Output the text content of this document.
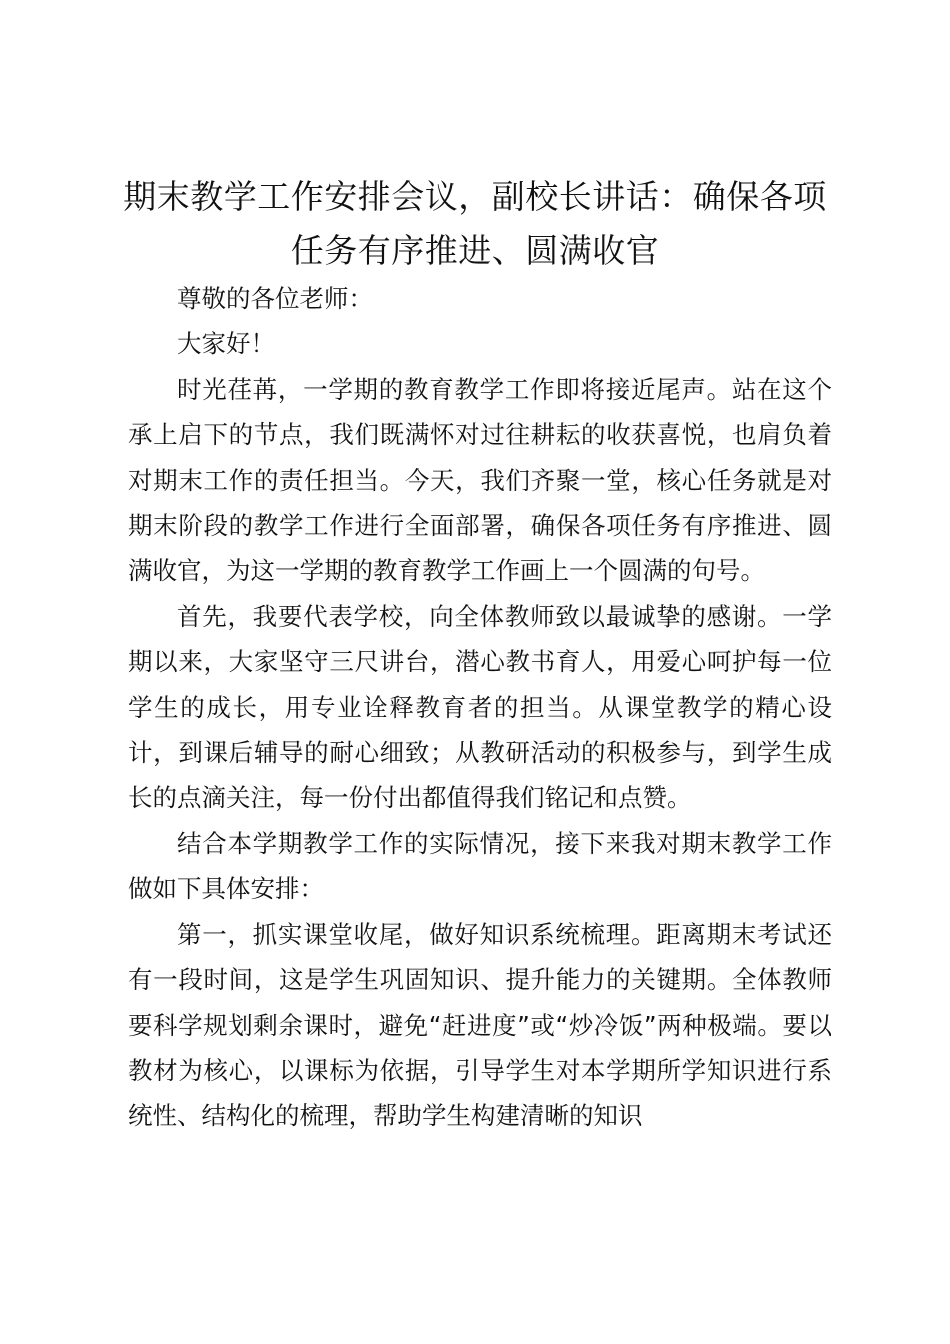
期末教学工作安排会议，副校长讲话：确保各项任务有序推进、圆满收官

尊敬的各位老师：

大家好！

时光荏苒，一学期的教育教学工作即将接近尾声。站在这个承上启下的节点，我们既满怀对过往耕耘的收获喜悦，也肩负着对期末工作的责任担当。今天，我们齐聚一堂，核心任务就是对期末阶段的教学工作进行全面部署，确保各项任务有序推进、圆满收官，为这一学期的教育教学工作画上一个圆满的句号。

首先，我要代表学校，向全体教师致以最诚挚的感谢。一学期以来，大家坚守三尺讲台，潜心教书育人，用爱心呵护每一位学生的成长，用专业诠释教育者的担当。从课堂教学的精心设计，到课后辅导的耐心细致；从教研活动的积极参与，到学生成长的点滴关注，每一份付出都值得我们铭记和点赞。

结合本学期教学工作的实际情况，接下来我对期末教学工作做如下具体安排：

第一，抓实课堂收尾，做好知识系统梳理。距离期末考试还有一段时间，这是学生巩固知识、提升能力的关键期。全体教师要科学规划剩余课时，避免“赶进度”或“炒冷饭”两种极端。要以教材为核心，以课标为依据，引导学生对本学期所学知识进行系统性、结构化的梳理，帮助学生构建清晰的知识
